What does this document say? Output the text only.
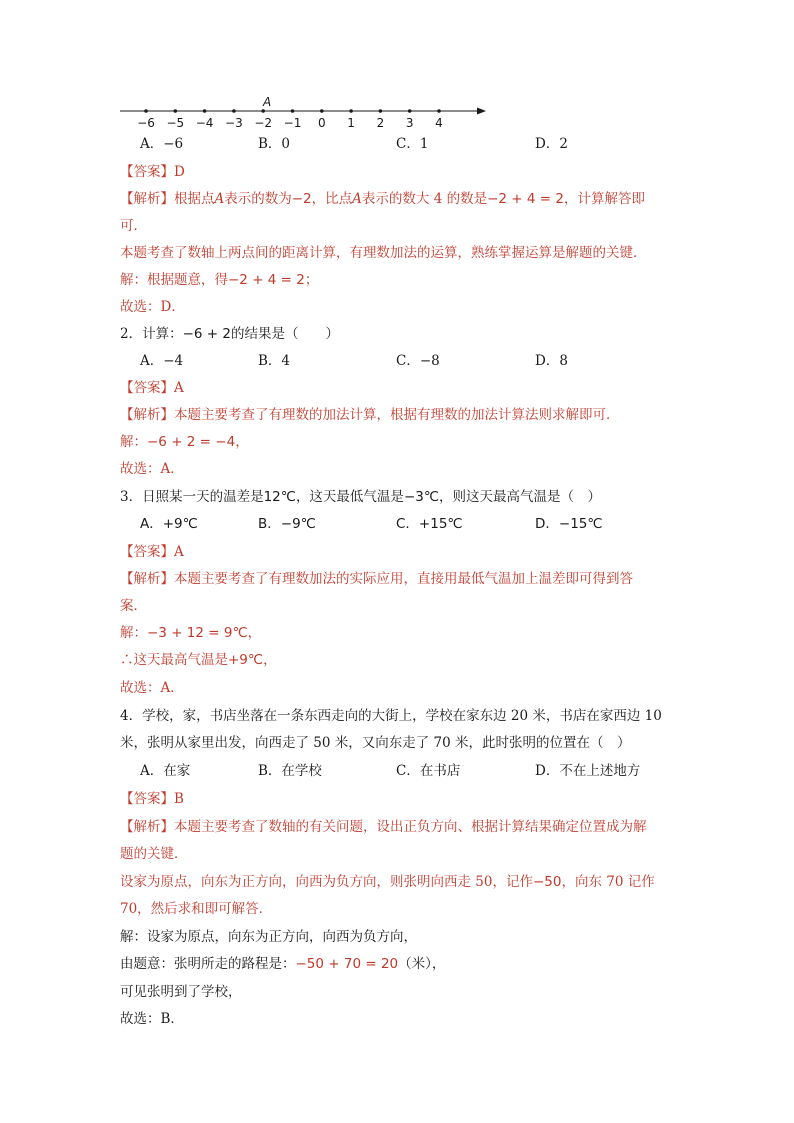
−6 −5 −4 −3 −2 −1 0 1 2 3 4
A
A．−6	B．0	C．1	D．2
【答案】D
【解析】根据点A表示的数为−2，比点A表示的数大 4 的数是−2 + 4 = 2，计算解答即
可．
本题考查了数轴上两点间的距离计算，有理数加法的运算，熟练掌握运算是解题的关键．
解：根据题意，得−2 + 4 = 2；
故选：D．
2．计算：−6 + 2的结果是（　　）
A．−4	B．4	C．−8	D．8
【答案】A
【解析】本题主要考查了有理数的加法计算，根据有理数的加法计算法则求解即可．
解：−6 + 2 = −4，
故选：A．
3．日照某一天的温差是12℃，这天最低气温是−3℃，则这天最高气温是（　）
A．+9℃	B．−9℃	C．+15℃	D．−15℃
【答案】A
【解析】本题主要考查了有理数加法的实际应用，直接用最低气温加上温差即可得到答
案．
解：−3 + 12 = 9℃，
∴这天最高气温是+9℃，
故选：A．
4．学校，家，书店坐落在一条东西走向的大街上，学校在家东边 20 米，书店在家西边 10
米，张明从家里出发，向西走了 50 米，又向东走了 70 米，此时张明的位置在（　）
A．在家	B．在学校	C．在书店	D．不在上述地方
【答案】B
【解析】本题主要考查了数轴的有关问题，设出正负方向、根据计算结果确定位置成为解
题的关键．
设家为原点，向东为正方向，向西为负方向，则张明向西走 50，记作−50，向东 70 记作
70，然后求和即可解答．
解：设家为原点，向东为正方向，向西为负方向，
由题意：张明所走的路程是：−50 + 70 = 20（米），
可见张明到了学校，
故选：B．
